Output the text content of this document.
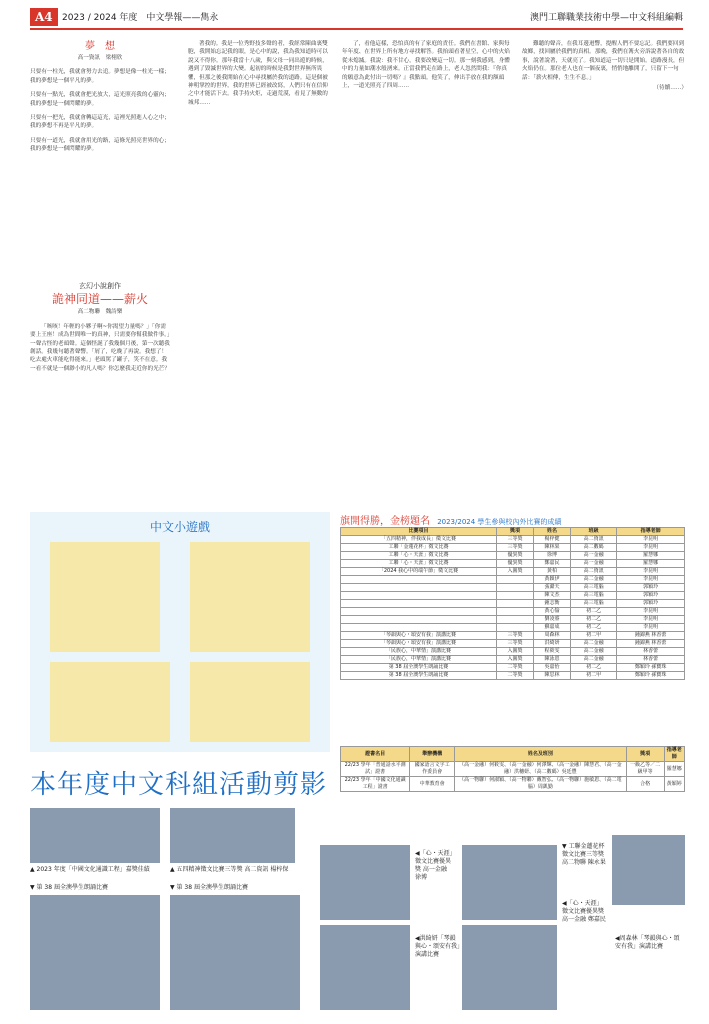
A4	2023 / 2024 年度　中文學報——雋永	澳門工聯職業技術中學—中文科組編輯
夢　想
高一資訊　梁栩欣

只要有一柱光，我就會努力去追。夢想是像一柱光一樣；我的夢想是一個平凡的夢。

只要有一點光，我就會把光放大，這光照亮我的心靈內；我的夢想是一個閃耀的夢。

只要有一把光，我就會轉這這光，這裡光照進人心之中；我的夢想不再是平凡的夢。

只要有一道光，我就會用光的路，這條光照亮世界的心；我的夢想是一個閃耀的夢。

玄幻小說創作
詭神同道——薪火
高二物聯　魏詩樂

「咳咳！年輕的小夥子啊~你渴望力量嗎？」「你需要上王座！成為世間唯一的真神，只需要你幫我做件事。」一聲古怪的老頭聲。這個怪誕了我幾個月後，第一次聽我創話。我幾句聽著聲響。「屑了，吃晚了再說。我想了！吃去處火車能吃得能來。」老頭罵了罐子，笑不在意。我一看不就是一個渺小的凡人嗎？你怎麼我走近你的光芒？

著我的。我是一位秀野技多聲的者，我經常陳曲裏雙胞，我開始忘記我的眼，是心中的說，我為我知道時可以說又不得你。那年我當十八歲，與父母一同出遊的時候，遇到了毀滅世界的大變。起初的時候是我對世界無所畏懼，但那之後我開始在心中尋找屬於我的道路。這是個被神明掌控的世界，我的世界已經被改寫，人們只有在信仰之中才能活下去。我手持火炬，走過荒漠，看見了無數的城邦……

了，看他這樣，恐怕真的有了家庭的責任。我們在書館、家與每年年度、在世界上所有地方尋找解答。我抬頭看著星空，心中的火焰從未熄滅。我說：我不甘心，我要改變這一切。那一刻我感到，身體中的力量如潮水般湧來。正當我們走在路上，老人忽然問我：『你真的願意為此付出一切嗎？』我點頭。他笑了，伸出手放在我的額頭上，一道光照亮了四周……

難聽的聲音，在我耳邊迴響，提醒人們不要忘記。我們要回到故鄉，找回屬於我們的真相。那晚，我們在篝火旁訴說著各自的故事，說著說著，天就亮了。我知道這一切只是開始。道路漫長，但火焰仍在。那位老人也在一個夜裏，悄悄地離開了，只留下一句話：「薪火相傳，生生不息。」

（待續……）
中文小遊戲	旗開得勝，金榜題名 2023/2024 學生參與校內外比賽的成績
比賽項目	獎項	姓名	班級	指導老師
「五四精神，伴我成長」徵文比賽	三等獎	楊梓健	高二資訊	李昆明
工聯「金蓮花杯」徵文比賽	三等獎	陳林果	高二數碼	李昆明
工聯「心・天涯」徵文比賽	優異獎	徐博	高一金融	羅慧娜
工聯「心・天涯」徵文比賽	優異獎	鄭嘉民	高一金融	羅慧娜
「2024 我心中的端午節」徵文比賽	入圍獎	黃柏	高二資訊	李昆明
		黃穎伊	高二金融	李昆明
		張澔天	高三電腦	郭穎玲
		陳文杰	高三電腦	郭穎玲
		鍾志衡	高三電腦	郭穎玲
		黃心愉	初二乙	李昆明
		劉凌睿	初二乙	李昆明
		蘇嘉成	初二乙	李昆明
「琴韻與心・頌安有我」演講比賽	三等獎	周森林	初二甲	鍾錦燕 林香蕾
「琴韻與心・頌安有我」演講比賽	三等獎	洪綺妍	高二金融	鍾錦燕 林香蕾
「民族心，中華情」演講比賽	入圍獎	程筱雯	高二金融	林香蕾
「民族心，中華情」演講比賽	入圍獎	陳泳恩	高二金融	林香蕾
第 38 屆全澳學生朗誦比賽	二等獎	吳嘉怡	初二乙	鄭穎玲 孫寶珠
第 38 屆全澳學生朗誦比賽	二等獎	陳思林	初二甲	鄭穎玲 孫寶珠
證書名目	舉辦機構	姓名及班別	獎項	指導老師
22/23 學年「普通話水平測試」證書	國家語言文字工作委員會	（高一金融）何筱雯、（高一金融）何澤輝、（高一金融）陳慧君、（高一金融）洪穗妍、（高二數碼）吳廷豐	一級乙等／二級甲等	羅慧娜
22/23 學年「中國文化通識工程」證書	中華教育會	（高一物聯）何淑穎、（高一物聯）戴智弘、（高一物聯）施敏恩、（高二電腦）周凱勤	合格	黃穎婷
本年度中文科組活動剪影
▲ 2023 年度「中國文化通識工程」嘉獎佳績	▲ 五四精神徵文比賽三等獎 高二資訊 楊梓保
▼ 第 38 屆全澳學生朗誦比賽	▼ 第 38 屆全澳學生朗誦比賽
◀「心・天涯」徵文比賽優異獎 高一金融 徐博
▼ 工聯金蓮花杯徵文比賽三等獎 高二物聯 陳永果
◀「心・天涯」徵文比賽優異獎 高一金融 鄭嘉民
◀洪綺妍「琴韻與心・頌安有我」演講比賽
◀周森林「琴韻與心・頌安有我」演講比賽
